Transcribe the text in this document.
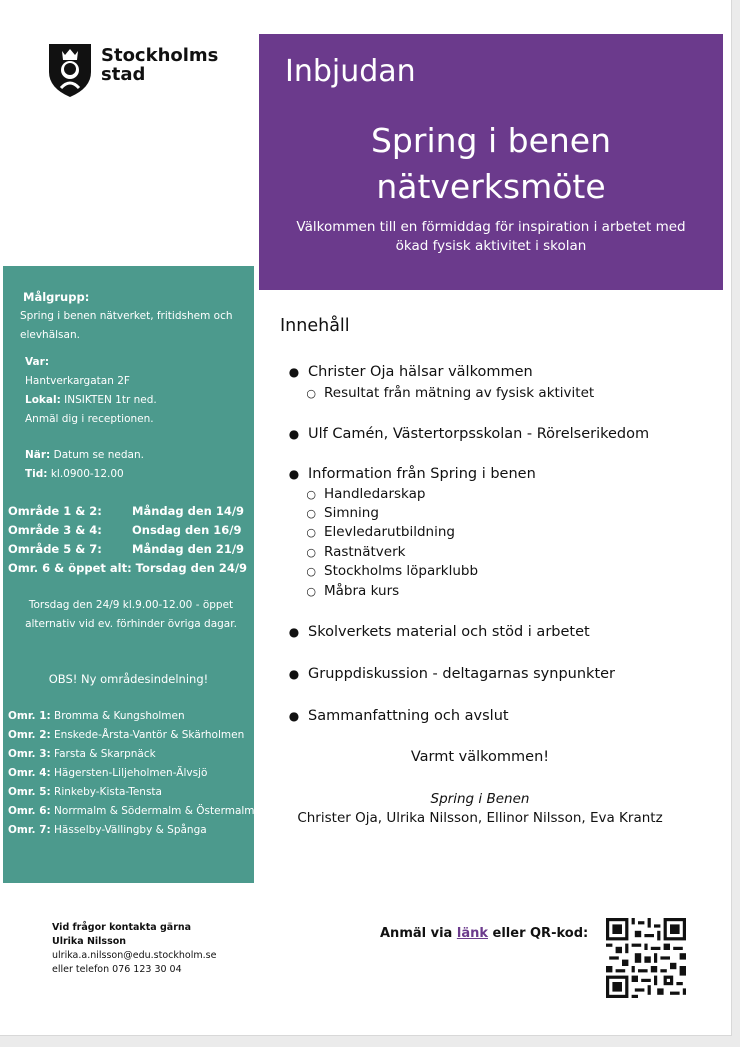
Stockholms
stad	Inbjudan
Spring i benen
nätverksmöte
Välkommen till en förmiddag för inspiration i arbetet med ökad fysisk aktivitet i skolan
Målgrupp:
Spring i benen nätverket, fritidshem och elevhälsan.
Var:
Hantverkargatan 2F
Lokal: INSIKTEN 1tr ned.
Anmäl dig i receptionen.
När: Datum se nedan.
Tid: kl.0900-12.00
Område 1 & 2:	Måndag den 14/9
Område 3 & 4:	Onsdag den 16/9
Område 5 & 7:	Måndag den 21/9
Omr. 6 & öppet alt: Torsdag den 24/9
Torsdag den 24/9 kl.9.00-12.00 - öppet alternativ vid ev. förhinder övriga dagar.
OBS! Ny områdesindelning!
Omr. 1: Bromma & Kungsholmen
Omr. 2: Enskede-Årsta-Vantör & Skärholmen
Omr. 3: Farsta & Skarpnäck
Omr. 4: Hägersten-Liljeholmen-Älvsjö
Omr. 5: Rinkeby-Kista-Tensta
Omr. 6: Norrmalm & Södermalm & Östermalm
Omr. 7: Hässelby-Vällingby & Spånga
Innehåll
● Christer Oja hälsar välkommen
○ Resultat från mätning av fysisk aktivitet
● Ulf Camén, Västertorpsskolan - Rörelserikedom
● Information från Spring i benen
○ Handledarskap
○ Simning
○ Elevledarutbildning
○ Rastnätverk
○ Stockholms löparklubb
○ Måbra kurs
● Skolverkets material och stöd i arbetet
● Gruppdiskussion - deltagarnas synpunkter
● Sammanfattning och avslut
Varmt välkommen!
Spring i Benen
Christer Oja, Ulrika Nilsson, Ellinor Nilsson, Eva Krantz
Vid frågor kontakta gärna
Ulrika Nilsson
ulrika.a.nilsson@edu.stockholm.se
eller telefon 076 123 30 04
Anmäl via länk eller QR-kod:
